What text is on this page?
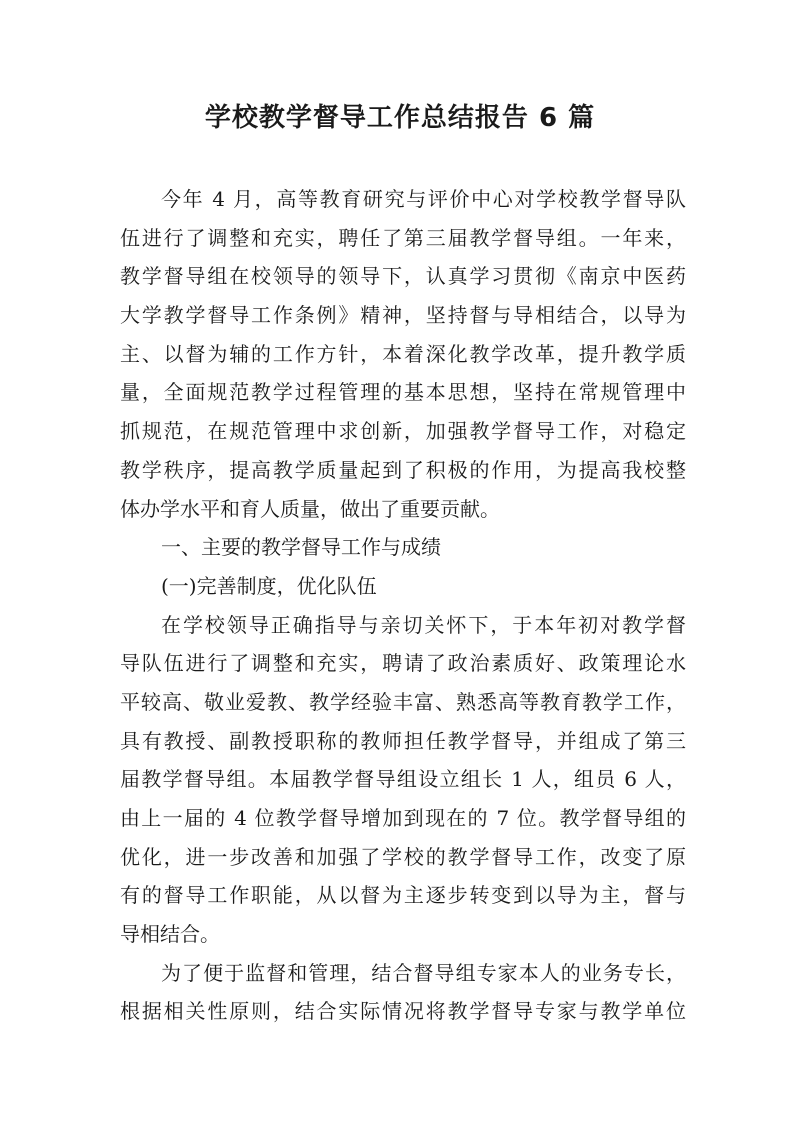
学校教学督导工作总结报告 6 篇
今年 4 月，高等教育研究与评价中心对学校教学督导队
伍进行了调整和充实，聘任了第三届教学督导组。一年来，
教学督导组在校领导的领导下，认真学习贯彻《南京中医药
大学教学督导工作条例》精神，坚持督与导相结合，以导为
主、以督为辅的工作方针，本着深化教学改革，提升教学质
量，全面规范教学过程管理的基本思想，坚持在常规管理中
抓规范，在规范管理中求创新，加强教学督导工作，对稳定
教学秩序，提高教学质量起到了积极的作用，为提高我校整
体办学水平和育人质量，做出了重要贡献。
一、主要的教学督导工作与成绩
(一)完善制度，优化队伍
在学校领导正确指导与亲切关怀下，于本年初对教学督
导队伍进行了调整和充实，聘请了政治素质好、政策理论水
平较高、敬业爱教、教学经验丰富、熟悉高等教育教学工作，
具有教授、副教授职称的教师担任教学督导，并组成了第三
届教学督导组。本届教学督导组设立组长 1 人，组员 6 人，
由上一届的 4 位教学督导增加到现在的 7 位。教学督导组的
优化，进一步改善和加强了学校的教学督导工作，改变了原
有的督导工作职能，从以督为主逐步转变到以导为主，督与
导相结合。
为了便于监督和管理，结合督导组专家本人的业务专长，
根据相关性原则，结合实际情况将教学督导专家与教学单位
